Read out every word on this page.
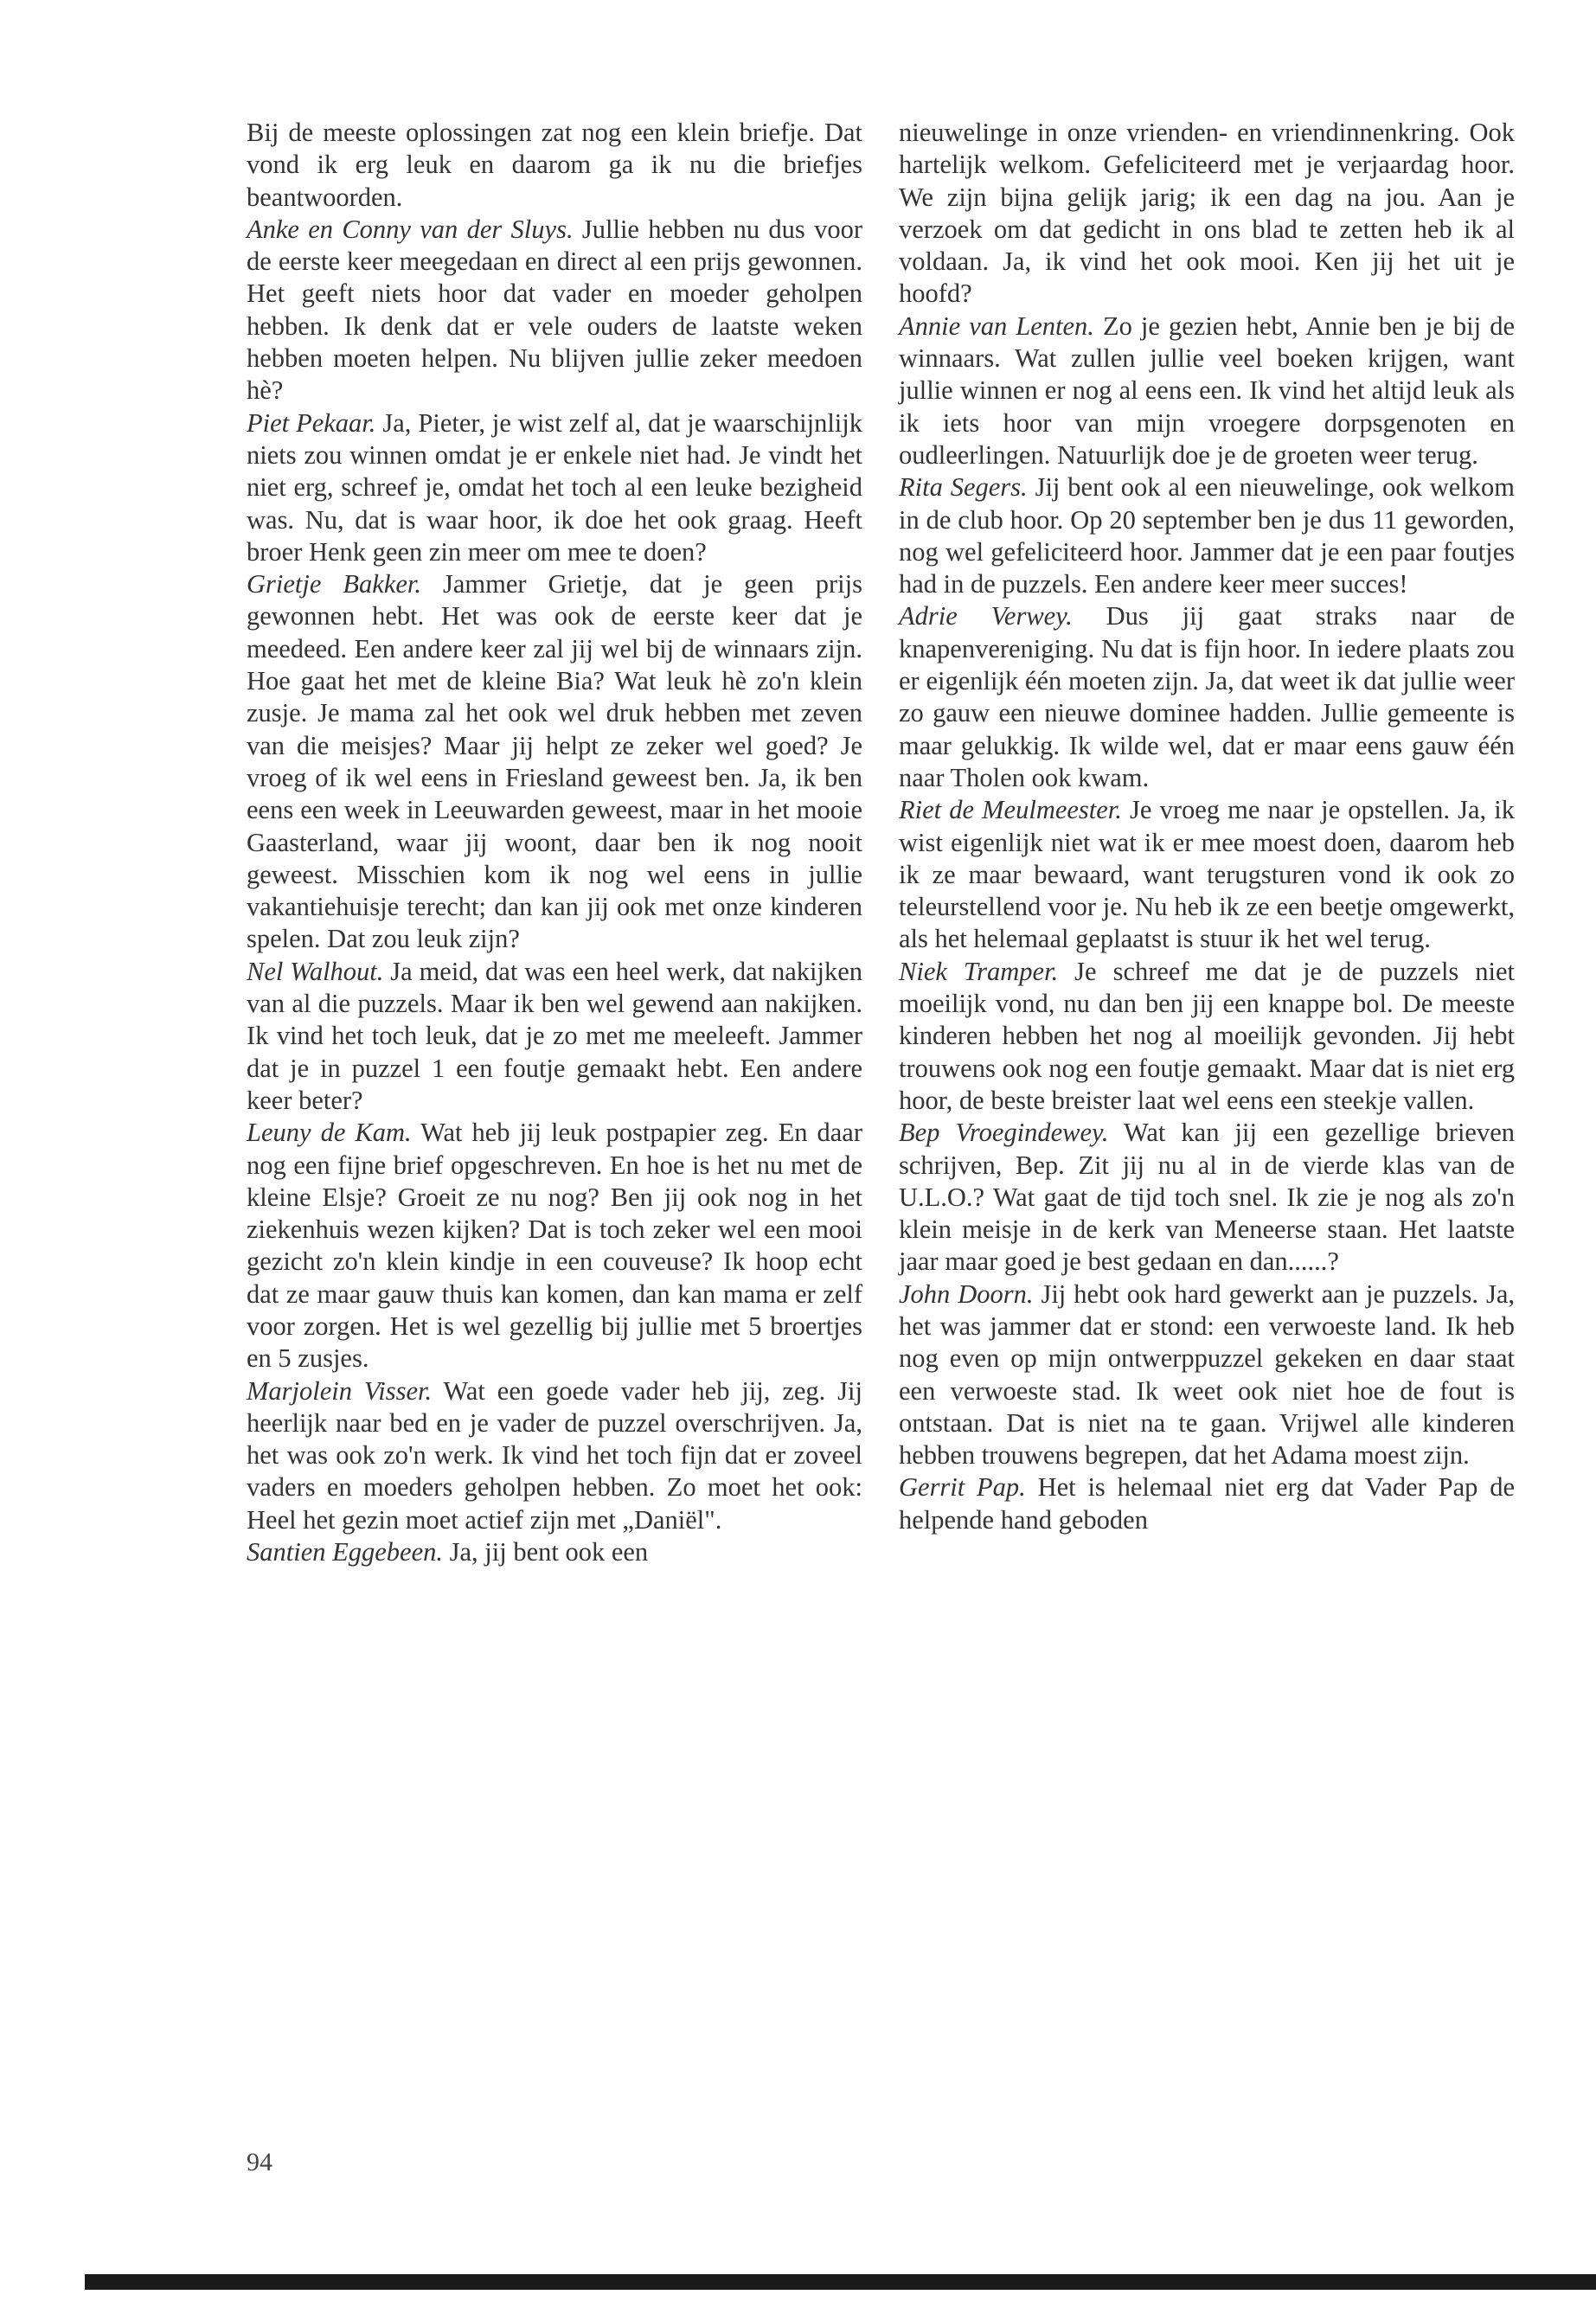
Bij de meeste oplossingen zat nog een klein briefje. Dat vond ik erg leuk en daarom ga ik nu die briefjes beantwoorden.

Anke en Conny van der Sluys. Jullie hebben nu dus voor de eerste keer meegedaan en direct al een prijs gewonnen. Het geeft niets hoor dat vader en moeder geholpen hebben. Ik denk dat er vele ouders de laatste weken hebben moeten helpen. Nu blijven jullie zeker meedoen hè?

Piet Pekaar. Ja, Pieter, je wist zelf al, dat je waarschijnlijk niets zou winnen omdat je er enkele niet had. Je vindt het niet erg, schreef je, omdat het toch al een leuke bezigheid was. Nu, dat is waar hoor, ik doe het ook graag. Heeft broer Henk geen zin meer om mee te doen?

Grietje Bakker. Jammer Grietje, dat je geen prijs gewonnen hebt. Het was ook de eerste keer dat je meedeed. Een andere keer zal jij wel bij de winnaars zijn. Hoe gaat het met de kleine Bia? Wat leuk hè zo'n klein zusje. Je mama zal het ook wel druk hebben met zeven van die meisjes? Maar jij helpt ze zeker wel goed? Je vroeg of ik wel eens in Friesland geweest ben. Ja, ik ben eens een week in Leeuwarden geweest, maar in het mooie Gaasterland, waar jij woont, daar ben ik nog nooit geweest. Misschien kom ik nog wel eens in jullie vakantiehuisje terecht; dan kan jij ook met onze kinderen spelen. Dat zou leuk zijn?

Nel Walhout. Ja meid, dat was een heel werk, dat nakijken van al die puzzels. Maar ik ben wel gewend aan nakijken. Ik vind het toch leuk, dat je zo met me meeleeft. Jammer dat je in puzzel 1 een foutje gemaakt hebt. Een andere keer beter?

Leuny de Kam. Wat heb jij leuk postpapier zeg. En daar nog een fijne brief opgeschreven. En hoe is het nu met de kleine Elsje? Groeit ze nu nog? Ben jij ook nog in het ziekenhuis wezen kijken? Dat is toch zeker wel een mooi gezicht zo'n klein kindje in een couveuse? Ik hoop echt dat ze maar gauw thuis kan komen, dan kan mama er zelf voor zorgen. Het is wel gezellig bij jullie met 5 broertjes en 5 zusjes.

Marjolein Visser. Wat een goede vader heb jij, zeg. Jij heerlijk naar bed en je vader de puzzel overschrijven. Ja, het was ook zo'n werk. Ik vind het toch fijn dat er zoveel vaders en moeders geholpen hebben. Zo moet het ook: Heel het gezin moet actief zijn met „Daniël".

Santien Eggebeen. Ja, jij bent ook een

nieuwelinge in onze vrienden- en vriendinnenkring. Ook hartelijk welkom. Gefeliciteerd met je verjaardag hoor. We zijn bijna gelijk jarig; ik een dag na jou. Aan je verzoek om dat gedicht in ons blad te zetten heb ik al voldaan. Ja, ik vind het ook mooi. Ken jij het uit je hoofd?

Annie van Lenten. Zo je gezien hebt, Annie ben je bij de winnaars. Wat zullen jullie veel boeken krijgen, want jullie winnen er nog al eens een. Ik vind het altijd leuk als ik iets hoor van mijn vroegere dorpsgenoten en oudleerlingen. Natuurlijk doe je de groeten weer terug.

Rita Segers. Jij bent ook al een nieuwelinge, ook welkom in de club hoor. Op 20 september ben je dus 11 geworden, nog wel gefeliciteerd hoor. Jammer dat je een paar foutjes had in de puzzels. Een andere keer meer succes!

Adrie Verwey. Dus jij gaat straks naar de knapenvereniging. Nu dat is fijn hoor. In iedere plaats zou er eigenlijk één moeten zijn. Ja, dat weet ik dat jullie weer zo gauw een nieuwe dominee hadden. Jullie gemeente is maar gelukkig. Ik wilde wel, dat er maar eens gauw één naar Tholen ook kwam.

Riet de Meulmeester. Je vroeg me naar je opstellen. Ja, ik wist eigenlijk niet wat ik er mee moest doen, daarom heb ik ze maar bewaard, want terugsturen vond ik ook zo teleurstellend voor je. Nu heb ik ze een beetje omgewerkt, als het helemaal geplaatst is stuur ik het wel terug.

Niek Tramper. Je schreef me dat je de puzzels niet moeilijk vond, nu dan ben jij een knappe bol. De meeste kinderen hebben het nog al moeilijk gevonden. Jij hebt trouwens ook nog een foutje gemaakt. Maar dat is niet erg hoor, de beste breister laat wel eens een steekje vallen.

Bep Vroegindewey. Wat kan jij een gezellige brieven schrijven, Bep. Zit jij nu al in de vierde klas van de U.L.O.? Wat gaat de tijd toch snel. Ik zie je nog als zo'n klein meisje in de kerk van Meneerse staan. Het laatste jaar maar goed je best gedaan en dan......?

John Doorn. Jij hebt ook hard gewerkt aan je puzzels. Ja, het was jammer dat er stond: een verwoeste land. Ik heb nog even op mijn ontwerppuzzel gekeken en daar staat een verwoeste stad. Ik weet ook niet hoe de fout is ontstaan. Dat is niet na te gaan. Vrijwel alle kinderen hebben trouwens begrepen, dat het Adama moest zijn.

Gerrit Pap. Het is helemaal niet erg dat Vader Pap de helpende hand geboden

94
